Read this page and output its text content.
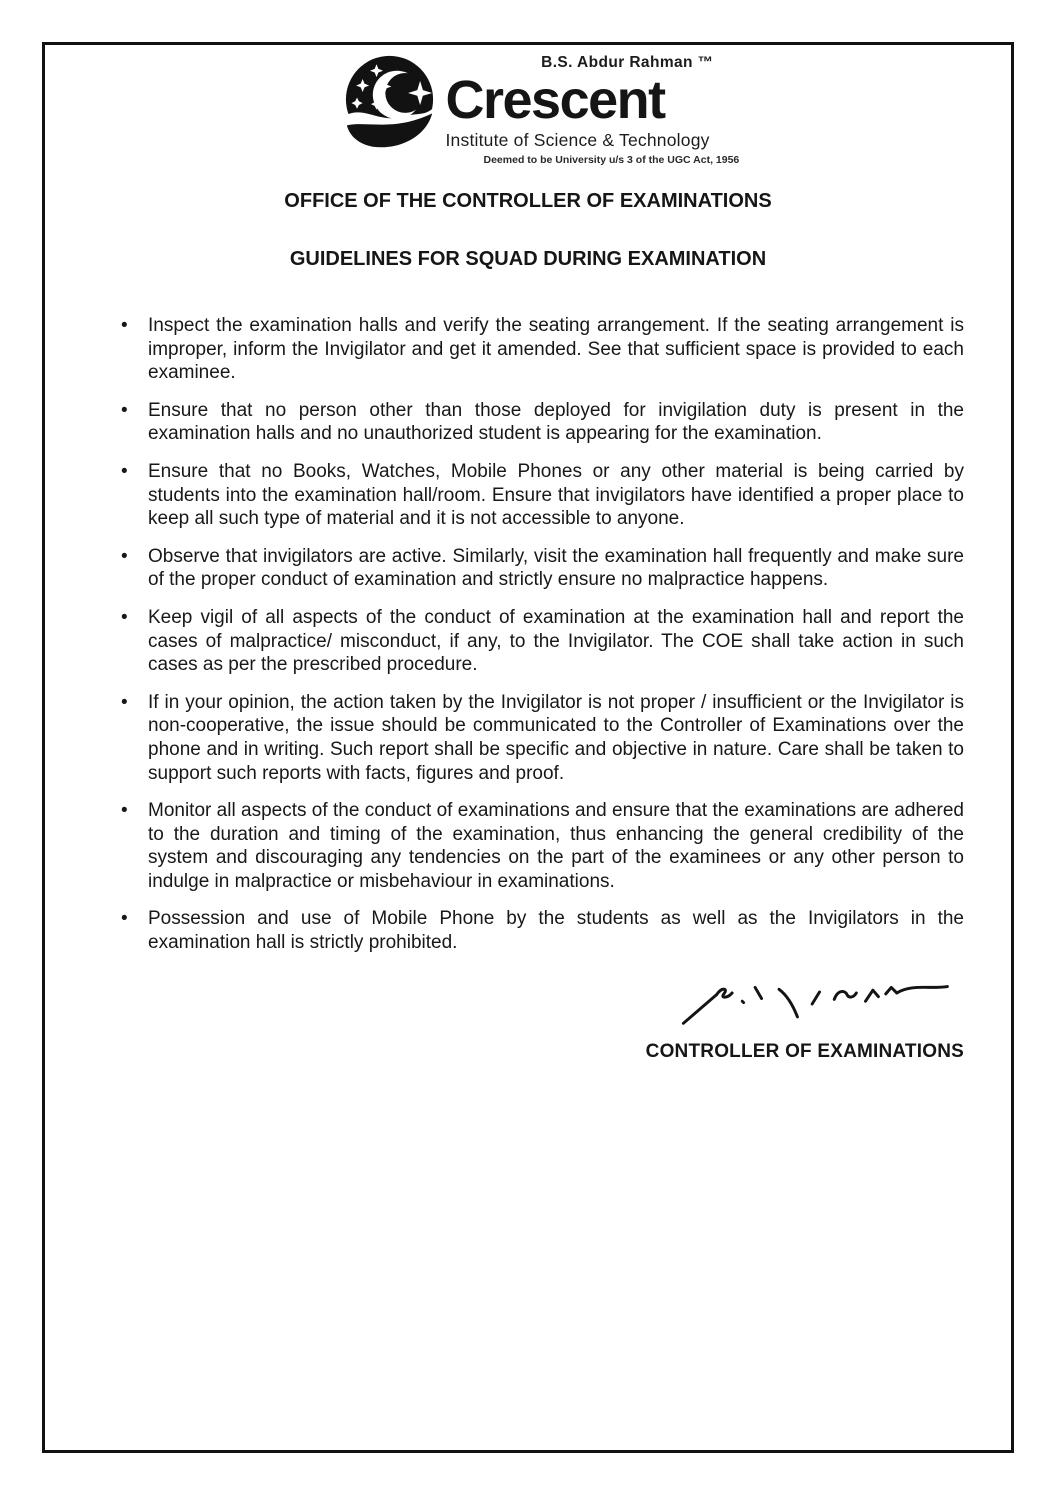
B.S. Abdur Rahman ™
Crescent
Institute of Science & Technology
Deemed to be University u/s 3 of the UGC Act, 1956
OFFICE OF THE CONTROLLER OF EXAMINATIONS
GUIDELINES FOR SQUAD DURING EXAMINATION
• Inspect the examination halls and verify the seating arrangement. If the seating arrangement is improper, inform the Invigilator and get it amended. See that sufficient space is provided to each examinee.
• Ensure that no person other than those deployed for invigilation duty is present in the examination halls and no unauthorized student is appearing for the examination.
• Ensure that no Books, Watches, Mobile Phones or any other material is being carried by students into the examination hall/room. Ensure that invigilators have identified a proper place to keep all such type of material and it is not accessible to anyone.
• Observe that invigilators are active. Similarly, visit the examination hall frequently and make sure of the proper conduct of examination and strictly ensure no malpractice happens.
• Keep vigil of all aspects of the conduct of examination at the examination hall and report the cases of malpractice/ misconduct, if any, to the Invigilator. The COE shall take action in such cases as per the prescribed procedure.
• If in your opinion, the action taken by the Invigilator is not proper / insufficient or the Invigilator is non-cooperative, the issue should be communicated to the Controller of Examinations over the phone and in writing. Such report shall be specific and objective in nature. Care shall be taken to support such reports with facts, figures and proof.
• Monitor all aspects of the conduct of examinations and ensure that the examinations are adhered to the duration and timing of the examination, thus enhancing the general credibility of the system and discouraging any tendencies on the part of the examinees or any other person to indulge in malpractice or misbehaviour in examinations.
• Possession and use of Mobile Phone by the students as well as the Invigilators in the examination hall is strictly prohibited.
CONTROLLER OF EXAMINATIONS
